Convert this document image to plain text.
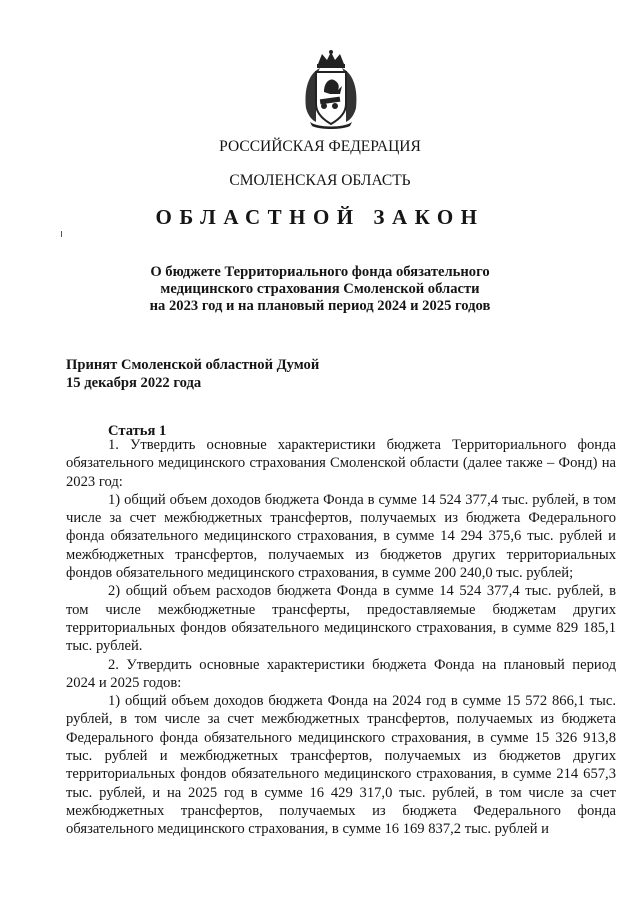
РОССИЙСКАЯ ФЕДЕРАЦИЯ
СМОЛЕНСКАЯ ОБЛАСТЬ
ОБЛАСТНОЙ ЗАКОН
О бюджете Территориального фонда обязательного
медицинского страхования Смоленской области
на 2023 год и на плановый период 2024 и 2025 годов
Принят Смоленской областной Думой
15 декабря 2022 года
Статья 1

1. Утвердить основные характеристики бюджета Территориального фонда обязательного медицинского страхования Смоленской области (далее также – Фонд) на 2023 год:

1) общий объем доходов бюджета Фонда в сумме 14 524 377,4 тыс. рублей, в том числе за счет межбюджетных трансфертов, получаемых из бюджета Федерального фонда обязательного медицинского страхования, в сумме 14 294 375,6 тыс. рублей и межбюджетных трансфертов, получаемых из бюджетов других территориальных фондов обязательного медицинского страхования, в сумме 200 240,0 тыс. рублей;

2) общий объем расходов бюджета Фонда в сумме 14 524 377,4 тыс. рублей, в том числе межбюджетные трансферты, предоставляемые бюджетам других территориальных фондов обязательного медицинского страхования, в сумме 829 185,1 тыс. рублей.

2. Утвердить основные характеристики бюджета Фонда на плановый период 2024 и 2025 годов:

1) общий объем доходов бюджета Фонда на 2024 год в сумме 15 572 866,1 тыс. рублей, в том числе за счет межбюджетных трансфертов, получаемых из бюджета Федерального фонда обязательного медицинского страхования, в сумме 15 326 913,8 тыс. рублей и межбюджетных трансфертов, получаемых из бюджетов других территориальных фондов обязательного медицинского страхования, в сумме 214 657,3 тыс. рублей, и на 2025 год в сумме 16 429 317,0 тыс. рублей, в том числе за счет межбюджетных трансфертов, получаемых из бюджета Федерального фонда обязательного медицинского страхования, в сумме 16 169 837,2 тыс. рублей и
